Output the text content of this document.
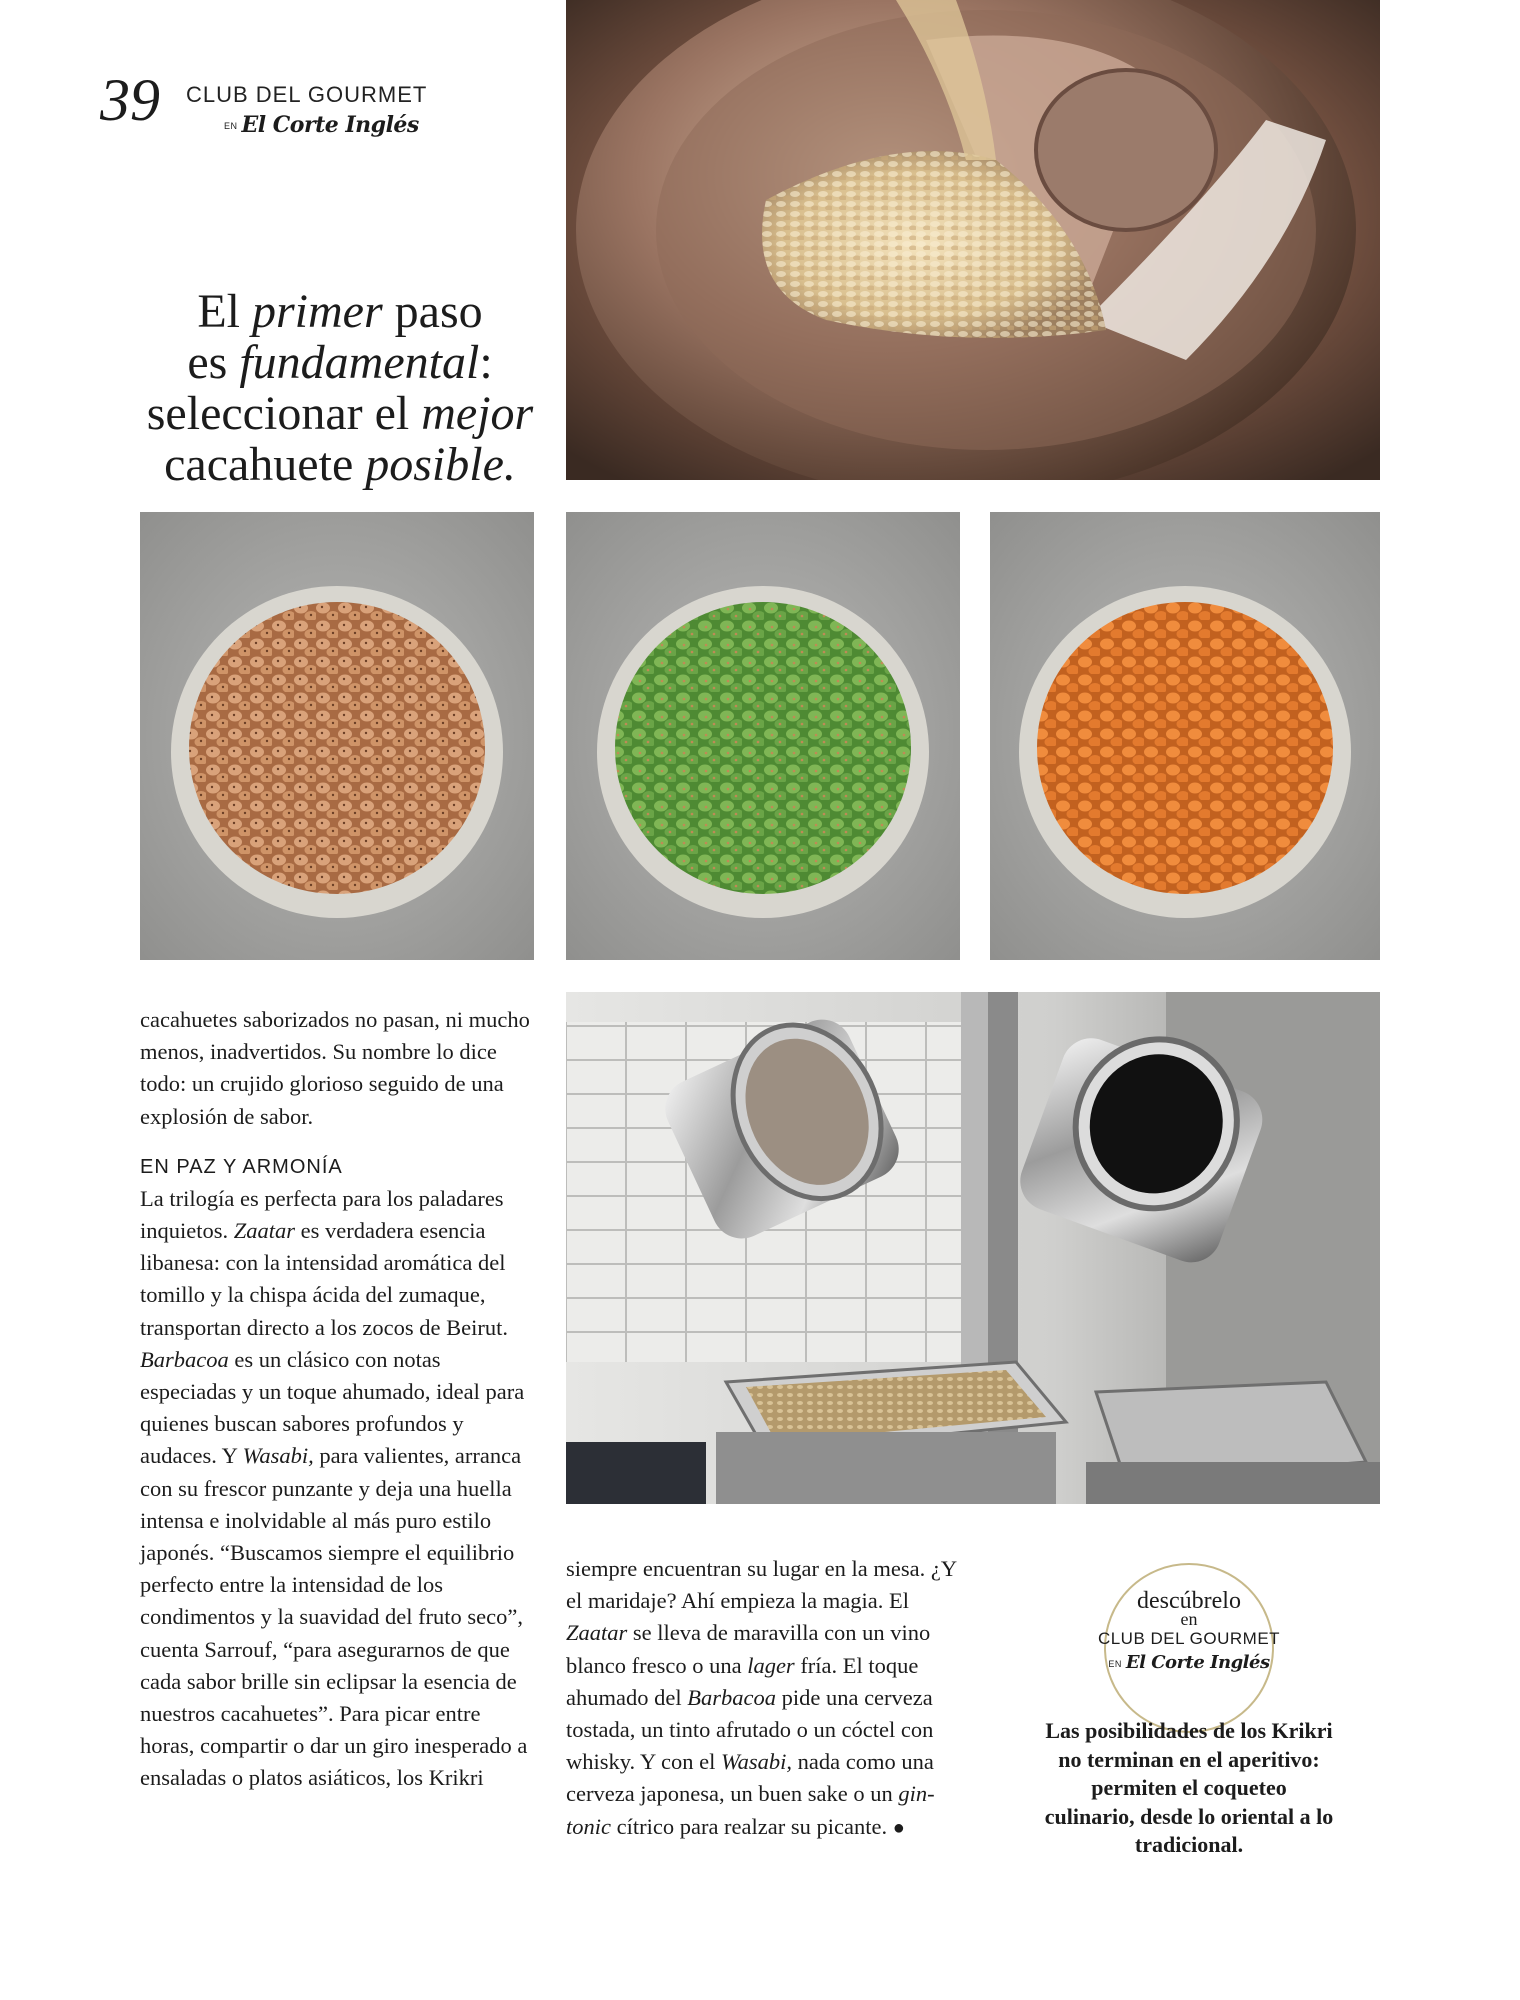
39 CLUB DEL GOURMET
EN El Corte Inglés
El primer paso
es fundamental:
seleccionar el mejor
cacahuete posible.

cacahuetes saborizados no pasan, ni mucho menos, inadvertidos. Su nombre lo dice todo: un crujido glorioso seguido de una explosión de sabor.

EN PAZ Y ARMONÍA

La trilogía es perfecta para los paladares inquietos. Zaatar es verdadera esencia libanesa: con la intensidad aromática del tomillo y la chispa ácida del zumaque, transportan directo a los zocos de Beirut. Barbacoa es un clásico con notas especiadas y un toque ahumado, ideal para quienes buscan sabores profundos y audaces. Y Wasabi, para valientes, arranca con su frescor punzante y deja una huella intensa e inolvidable al más puro estilo japonés. “Buscamos siempre el equilibrio perfecto entre la intensidad de los condimentos y la suavidad del fruto seco”, cuenta Sarrouf, “para asegurarnos de que cada sabor brille sin eclipsar la esencia de nuestros cacahuetes”. Para picar entre horas, compartir o dar un giro inesperado a ensaladas o platos asiáticos, los Krikri

siempre encuentran su lugar en la mesa. ¿Y el maridaje? Ahí empieza la magia. El Zaatar se lleva de maravilla con un vino blanco fresco o una lager fría. El toque ahumado del Barbacoa pide una cerveza tostada, un tinto afrutado o un cóctel con whisky. Y con el Wasabi, nada como una cerveza japonesa, un buen sake o un gin-tonic cítrico para realzar su picante. ●

descúbrelo
en
CLUB DEL GOURMET
EN El Corte Inglés
Las posibilidades de los Krikri no terminan en el aperitivo: permiten el coqueteo culinario, desde lo oriental a lo tradicional.
